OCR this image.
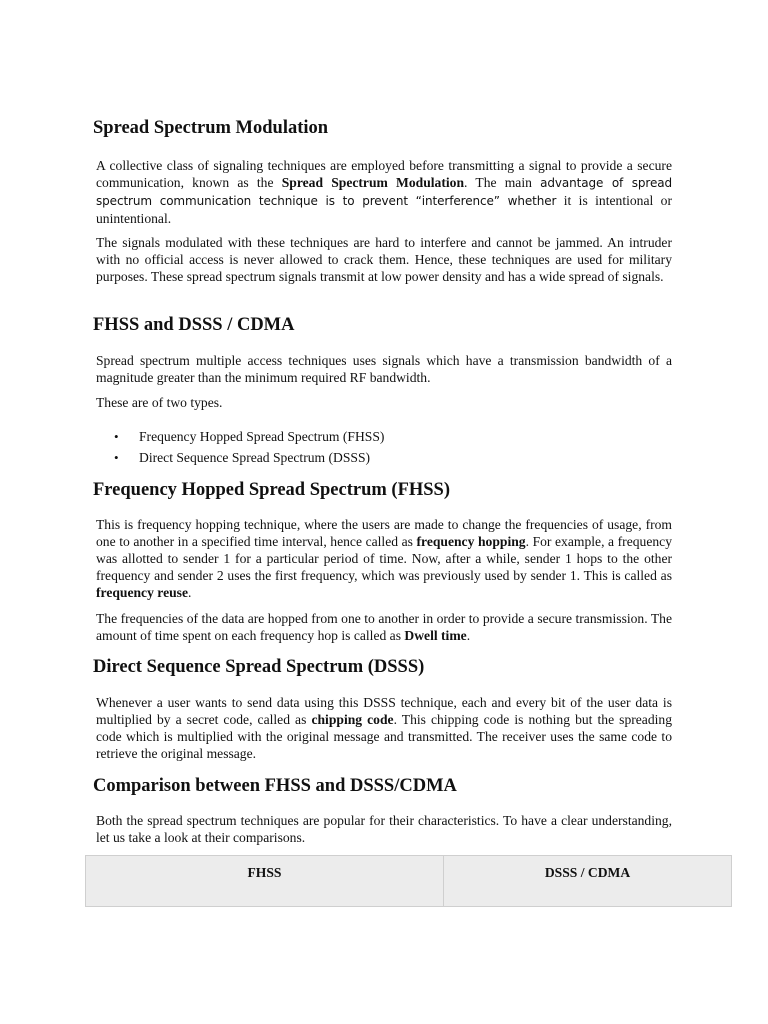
Spread Spectrum Modulation

A collective class of signaling techniques are employed before transmitting a signal to provide a secure communication, known as the Spread Spectrum Modulation. The main advantage of spread spectrum communication technique is to prevent “interference” whether it is intentional or unintentional.

The signals modulated with these techniques are hard to interfere and cannot be jammed. An intruder with no official access is never allowed to crack them. Hence, these techniques are used for military purposes. These spread spectrum signals transmit at low power density and has a wide spread of signals.

FHSS and DSSS / CDMA

Spread spectrum multiple access techniques uses signals which have a transmission bandwidth of a magnitude greater than the minimum required RF bandwidth.

These are of two types.

• Frequency Hopped Spread Spectrum (FHSS)
• Direct Sequence Spread Spectrum (DSSS)
Frequency Hopped Spread Spectrum (FHSS)

This is frequency hopping technique, where the users are made to change the frequencies of usage, from one to another in a specified time interval, hence called as frequency hopping. For example, a frequency was allotted to sender 1 for a particular period of time. Now, after a while, sender 1 hops to the other frequency and sender 2 uses the first frequency, which was previously used by sender 1. This is called as frequency reuse.

The frequencies of the data are hopped from one to another in order to provide a secure transmission. The amount of time spent on each frequency hop is called as Dwell time.

Direct Sequence Spread Spectrum (DSSS)

Whenever a user wants to send data using this DSSS technique, each and every bit of the user data is multiplied by a secret code, called as chipping code. This chipping code is nothing but the spreading code which is multiplied with the original message and transmitted. The receiver uses the same code to retrieve the original message.

Comparison between FHSS and DSSS/CDMA

Both the spread spectrum techniques are popular for their characteristics. To have a clear understanding, let us take a look at their comparisons.

FHSS	DSSS / CDMA
